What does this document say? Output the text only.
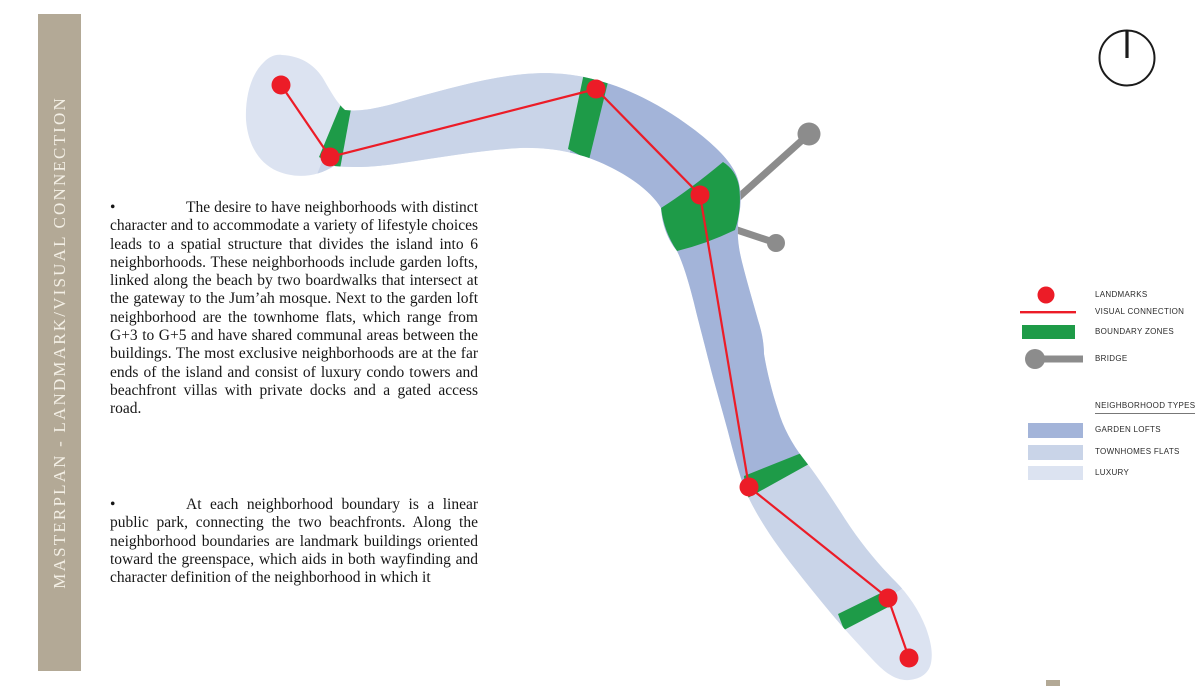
MASTERPLAN - LANDMARK/VISUAL CONNECTION	•	The desire to have neighborhoods with distinct character and to accommodate a variety of lifestyle choices leads to a spatial structure that divides the island into 6 neighborhoods. These neighborhoods include garden lofts, linked along the beach by two boardwalks that intersect at the gateway to the Jum’ah mosque. Next to the garden loft neighborhood are the townhome flats, which range from G+3 to G+5 and have shared communal areas between the buildings. The most exclusive neighborhoods are at the far ends of the island and consist of luxury condo towers and beachfront villas with private docks and a gated access road.

•	At each neighborhood boundary is a linear public park, connecting the two beachfronts. Along the neighborhood boundaries are landmark buildings oriented toward the greenspace, which aids in both wayfinding and character definition of the neighborhood in which it

LANDMARKS
VISUAL CONNECTION
BOUNDARY ZONES
BRIDGE
NEIGHBORHOOD TYPES
GARDEN LOFTS
TOWNHOMES FLATS
LUXURY
